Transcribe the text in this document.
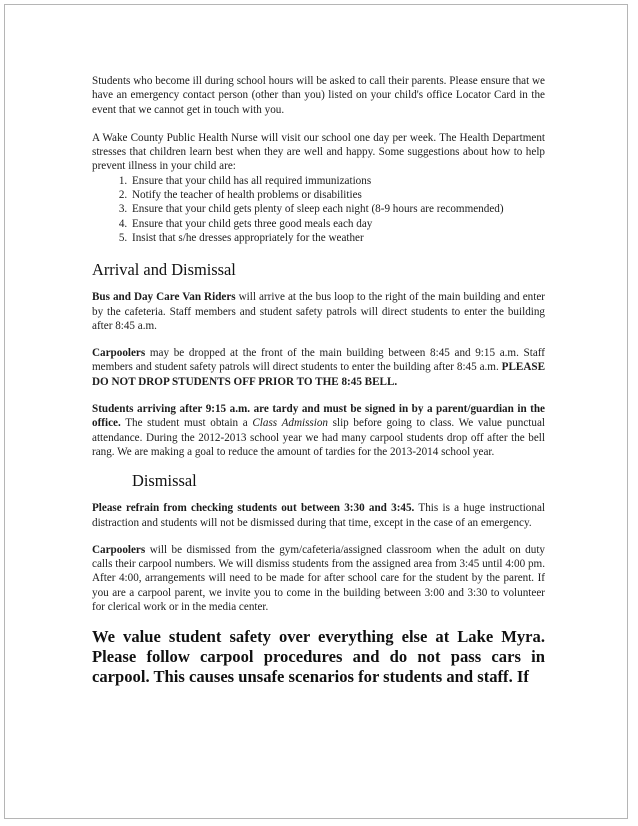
Students who become ill during school hours will be asked to call their parents. Please ensure that we have an emergency contact person (other than you) listed on your child's office Locator Card in the event that we cannot get in touch with you.

A Wake County Public Health Nurse will visit our school one day per week. The Health Department stresses that children learn best when they are well and happy. Some suggestions about how to help prevent illness in your child are:

1. Ensure that your child has all required immunizations
2. Notify the teacher of health problems or disabilities
3. Ensure that your child gets plenty of sleep each night (8-9 hours are recommended)
4. Ensure that your child gets three good meals each day
5. Insist that s/he dresses appropriately for the weather
Arrival and Dismissal

Bus and Day Care Van Riders will arrive at the bus loop to the right of the main building and enter by the cafeteria. Staff members and student safety patrols will direct students to enter the building after 8:45 a.m.

Carpoolers may be dropped at the front of the main building between 8:45 and 9:15 a.m. Staff members and student safety patrols will direct students to enter the building after 8:45 a.m. PLEASE DO NOT DROP STUDENTS OFF PRIOR TO THE 8:45 BELL.

Students arriving after 9:15 a.m. are tardy and must be signed in by a parent/guardian in the office. The student must obtain a Class Admission slip before going to class. We value punctual attendance. During the 2012-2013 school year we had many carpool students drop off after the bell rang. We are making a goal to reduce the amount of tardies for the 2013-2014 school year.

Dismissal

Please refrain from checking students out between 3:30 and 3:45. This is a huge instructional distraction and students will not be dismissed during that time, except in the case of an emergency.

Carpoolers will be dismissed from the gym/cafeteria/assigned classroom when the adult on duty calls their carpool numbers. We will dismiss students from the assigned area from 3:45 until 4:00 pm. After 4:00, arrangements will need to be made for after school care for the student by the parent. If you are a carpool parent, we invite you to come in the building between 3:00 and 3:30 to volunteer for clerical work or in the media center.

We value student safety over everything else at Lake Myra. Please follow carpool procedures and do not pass cars in carpool. This causes unsafe scenarios for students and staff. If
